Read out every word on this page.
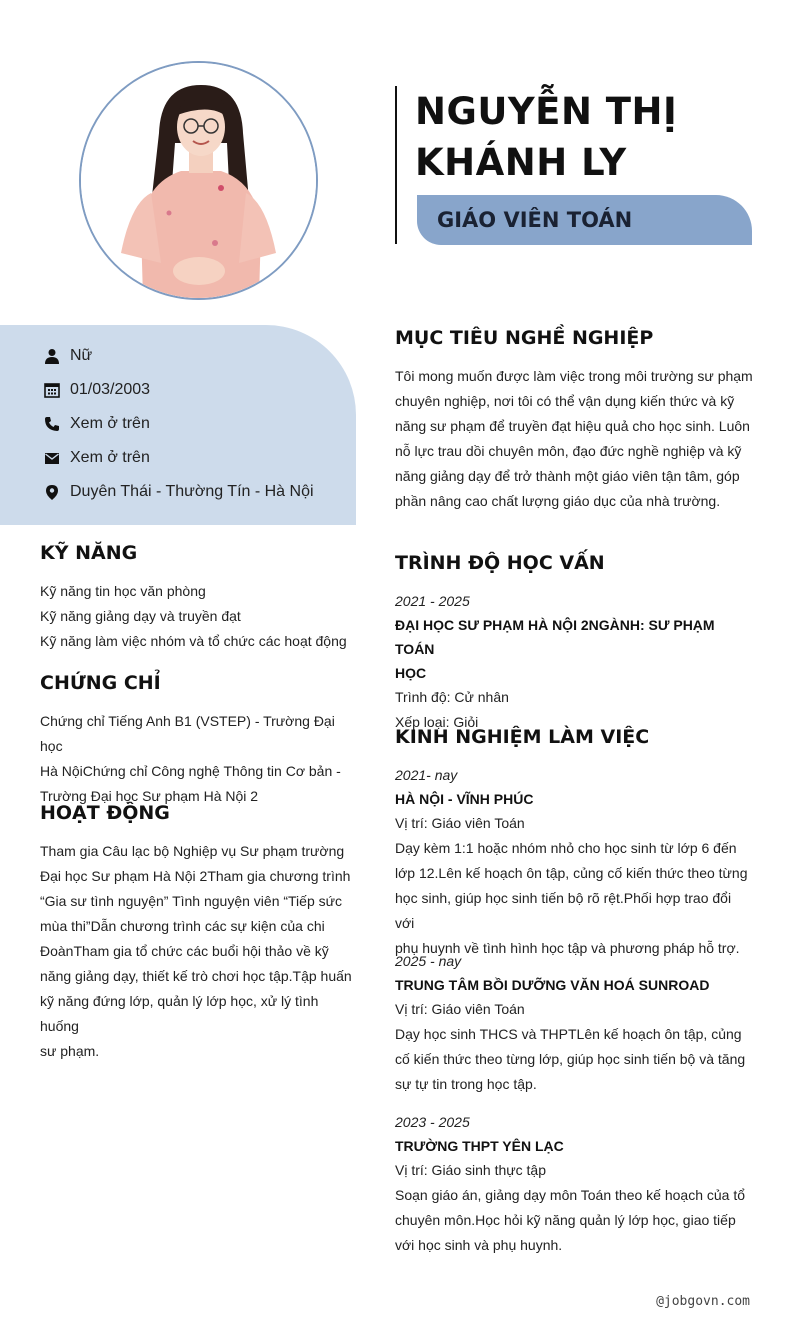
NGUYỄN THỊ
KHÁNH LY
GIÁO VIÊN TOÁN
Nữ
01/03/2003
Xem ở trên
Xem ở trên
Duyên Thái - Thường Tín - Hà Nội
KỸ NĂNG
Kỹ năng tin học văn phòng
Kỹ năng giảng dạy và truyền đạt
Kỹ năng làm việc nhóm và tổ chức các hoạt động
CHỨNG CHỈ
Chứng chỉ Tiếng Anh B1 (VSTEP) - Trường Đại học
Hà NộiChứng chỉ Công nghệ Thông tin Cơ bản -
Trường Đại học Sư phạm Hà Nội 2
HOẠT ĐỘNG
Tham gia Câu lạc bộ Nghiệp vụ Sư phạm trường
Đại học Sư phạm Hà Nội 2Tham gia chương trình
“Gia sư tình nguyện” Tình nguyện viên “Tiếp sức
mùa thi”Dẫn chương trình các sự kiện của chi
ĐoànTham gia tổ chức các buổi hội thảo về kỹ
năng giảng dạy, thiết kế trò chơi học tập.Tập huấn
kỹ năng đứng lớp, quản lý lớp học, xử lý tình huống
sư phạm.
MỤC TIÊU NGHỀ NGHIỆP
Tôi mong muốn được làm việc trong môi trường sư phạm
chuyên nghiệp, nơi tôi có thể vận dụng kiến thức và kỹ
năng sư phạm để truyền đạt hiệu quả cho học sinh. Luôn
nỗ lực trau dồi chuyên môn, đạo đức nghề nghiệp và kỹ
năng giảng dạy để trở thành một giáo viên tận tâm, góp
phần nâng cao chất lượng giáo dục của nhà trường.
TRÌNH ĐỘ HỌC VẤN
2021 - 2025
ĐẠI HỌC SƯ PHẠM HÀ NỘI 2NGÀNH: SƯ PHẠM TOÁN
HỌC
Trình độ: Cử nhân
Xếp loại: Giỏi
KINH NGHIỆM LÀM VIỆC
2021- nay
HÀ NỘI - VĨNH PHÚC
Vị trí: Giáo viên Toán
Dạy kèm 1:1 hoặc nhóm nhỏ cho học sinh từ lớp 6 đến
lớp 12.Lên kế hoạch ôn tập, củng cố kiến thức theo từng
học sinh, giúp học sinh tiến bộ rõ rệt.Phối hợp trao đổi với
phụ huynh về tình hình học tập và phương pháp hỗ trợ.
2025 - nay
TRUNG TÂM BỒI DƯỠNG VĂN HOÁ SUNROAD
Vị trí: Giáo viên Toán
Dạy học sinh THCS và THPTLên kế hoạch ôn tập, củng
cố kiến thức theo từng lớp, giúp học sinh tiến bộ và tăng
sự tự tin trong học tập.
2023 - 2025
TRƯỜNG THPT YÊN LẠC
Vị trí: Giáo sinh thực tập
Soạn giáo án, giảng dạy môn Toán theo kế hoạch của tổ
chuyên môn.Học hỏi kỹ năng quản lý lớp học, giao tiếp
với học sinh và phụ huynh.
@jobgovn.com
